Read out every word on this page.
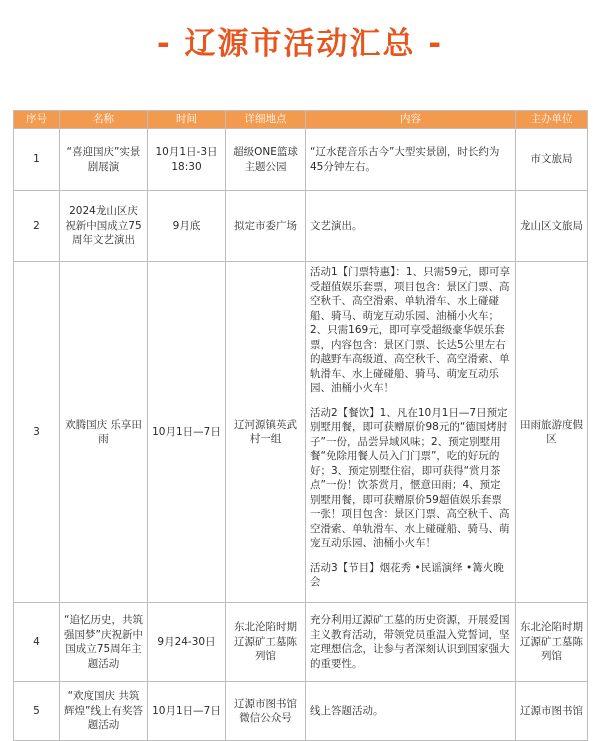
- 辽源市活动汇总 -
序号	名称	时间	详细地点	内容	主办单位
1	“喜迎国庆”实景剧展演	10月1日-3日 18:30	超级ONE篮球主题公园	“辽水琵音乐古今”大型实景剧，时长约为45分钟左右。	市文旅局
2	2024龙山区庆祝新中国成立75周年文艺演出	9月底	拟定市委广场	文艺演出。	龙山区文旅局
3	欢腾国庆 乐享田雨	10月1日—7日	辽河源镇英武村一组	活动1【门票特惠】：1、只需59元，即可享受超值娱乐套票，项目包含：景区门票、高空秋千、高空滑索、单轨滑车、水上碰碰船、骑马、萌宠互动乐园、油桶小火车；2、只需169元，即可享受超级豪华娱乐套票，内容包含：景区门票、长达5公里左右的越野车高级道、高空秋千、高空滑索、单轨滑车、水上碰碰船、骑马、萌宠互动乐园、油桶小火车！

活动2【餐饮】1、凡在10月1日—7日预定别墅用餐，即可获赠原价98元的“德国烤肘子”一份，品尝异域风味；2、预定别墅用餐“免除用餐人员入门门票”，吃的好玩的好；3、预定别墅住宿，即可获得“赏月茶点”一份！饮茶赏月，惬意田雨；4、预定别墅用餐，即可获赠原价59超值娱乐套票一张！项目包含：景区门票、高空秋千、高空滑索、单轨滑车、水上碰碰船、骑马、萌宠互动乐园、油桶小火车！

活动3【节目】烟花秀 •民谣演绎 •篝火晚会	田雨旅游度假区
4	“追忆历史，共筑强国梦”庆祝新中国成立75周年主题活动	9月24-30日	东北沦陷时期辽源矿工墓陈列馆	充分利用辽源矿工墓的历史资源，开展爱国主义教育活动，带领党员重温入党誓词，坚定理想信念，让参与者深刻认识到国家强大的重要性。	东北沦陷时期辽源矿工墓陈列馆
5	“欢度国庆 共筑辉煌”线上有奖答题活动	10月1日—7日	辽源市图书馆微信公众号	线上答题活动。	辽源市图书馆
